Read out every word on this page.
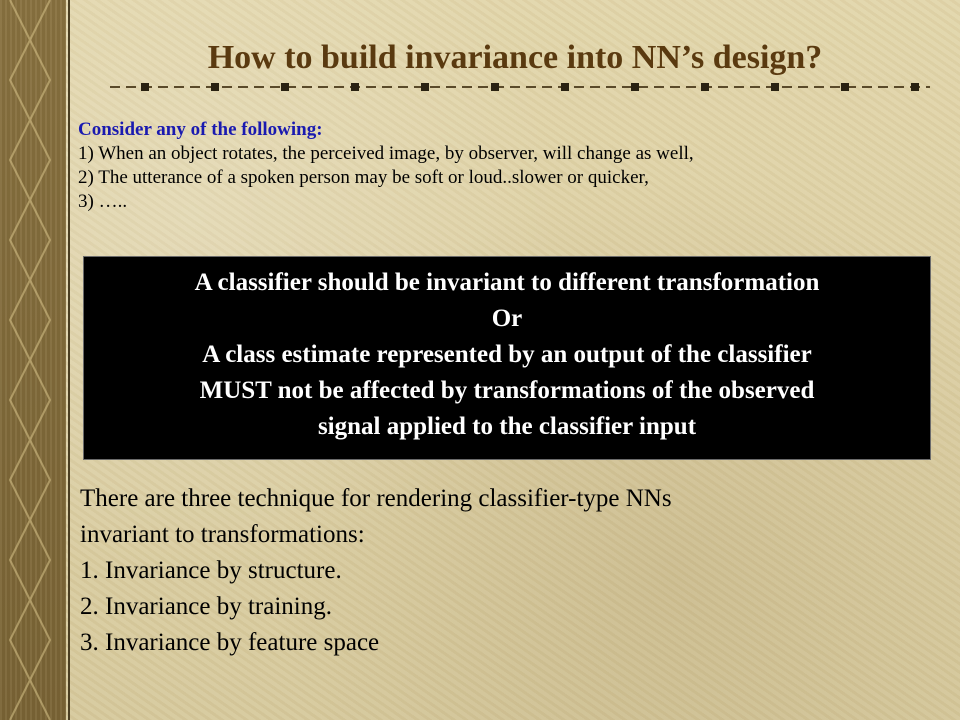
How to build invariance into NN’s design?
Consider any of the following:
1) When an object rotates, the perceived image, by observer, will change as well,
2) The utterance of a spoken person may be soft or loud..slower or quicker,
3) …..
A classifier should be invariant to different transformation
Or
A class estimate represented by an output of the classifier
MUST not be affected by transformations of the observed
signal applied to the classifier input
There are three technique for rendering classifier-type NNs
invariant to transformations:
1. Invariance by structure.
2. Invariance by training.
3. Invariance by feature space
